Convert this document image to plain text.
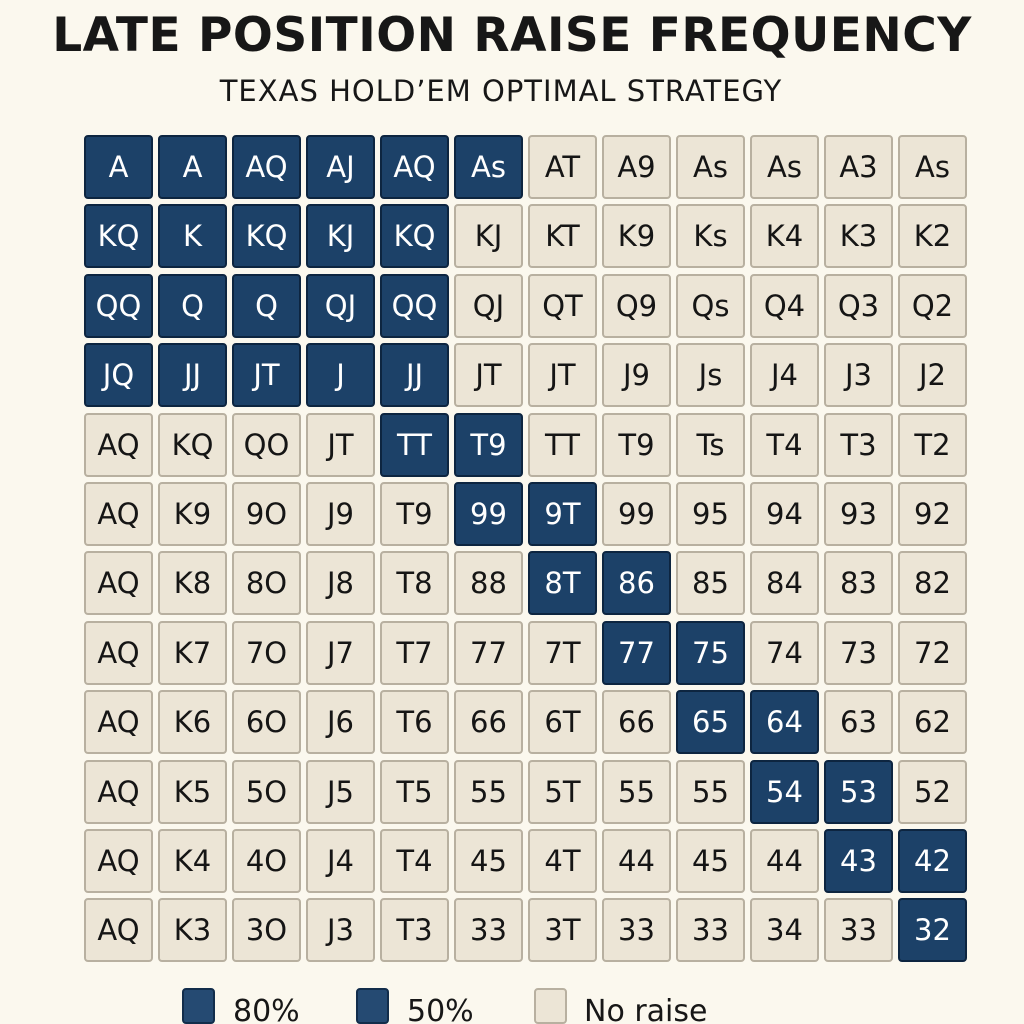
LATE POSITION RAISE FREQUENCY
TEXAS HOLD’EM OPTIMAL STRATEGY
A	A	AQ	AJ	AQ	As	AT	A9	As	As	A3	As
KQ	K	KQ	KJ	KQ	KJ	KT	K9	Ks	K4	K3	K2
QQ	Q	Q	QJ	QQ	QJ	QT	Q9	Qs	Q4	Q3	Q2
JQ	JJ	JT	J	JJ	JT	JT	J9	Js	J4	J3	J2
AQ	KQ	QO	JT	TT	T9	TT	T9	Ts	T4	T3	T2
AQ	K9	9O	J9	T9	99	9T	99	95	94	93	92
AQ	K8	8O	J8	T8	88	8T	86	85	84	83	82
AQ	K7	7O	J7	T7	77	7T	77	75	74	73	72
AQ	K6	6O	J6	T6	66	6T	66	65	64	63	62
AQ	K5	5O	J5	T5	55	5T	55	55	54	53	52
AQ	K4	4O	J4	T4	45	4T	44	45	44	43	42
AQ	K3	3O	J3	T3	33	3T	33	33	34	33	32
80%	50%	No raise
